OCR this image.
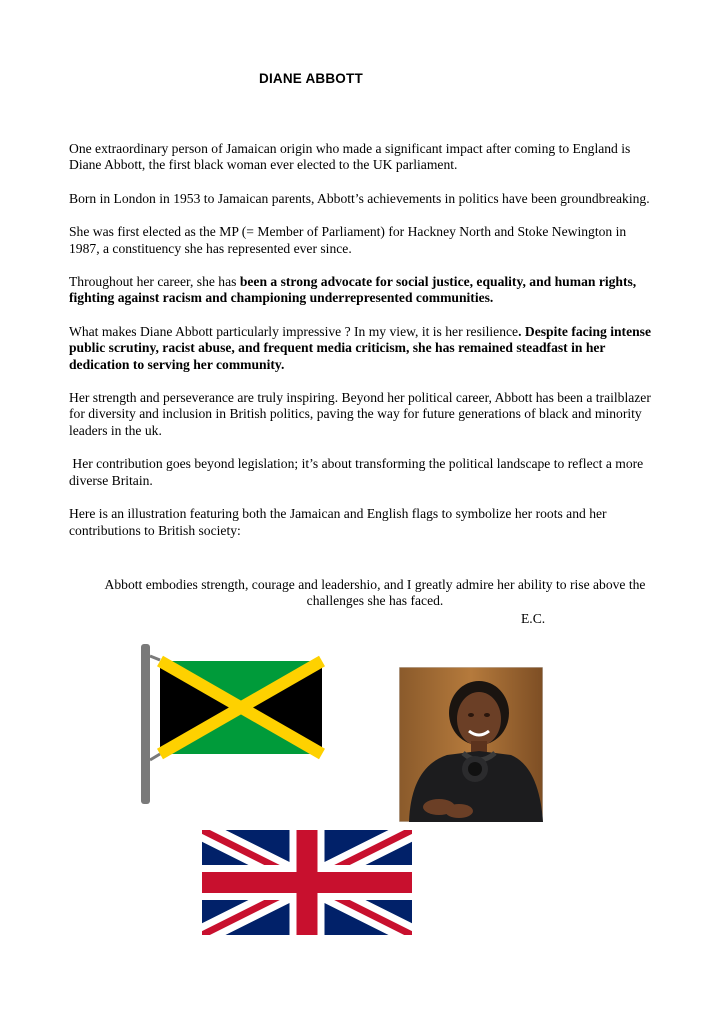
DIANE ABBOTT

One extraordinary person of Jamaican origin who made a significant impact after coming to England is Diane Abbott, the first black woman ever elected to the UK parliament.

Born in London in 1953 to Jamaican parents, Abbott’s achievements in politics have been groundbreaking.

She was first elected as the MP (= Member of Parliament) for Hackney North and Stoke Newington in 1987, a constituency she has represented ever since.

Throughout her career, she has been a strong advocate for social justice, equality, and human rights, fighting against racism and championing underrepresented communities.

What makes Diane Abbott particularly impressive ? In my view, it is her resilience. Despite facing intense public scrutiny, racist abuse, and frequent media criticism, she has remained steadfast in her dedication to serving her community.

Her strength and perseverance are truly inspiring. Beyond her political career, Abbott has been a trailblazer for diversity and inclusion in British politics, paving the way for future generations of black and minority leaders in the uk.

Her contribution goes beyond legislation; it’s about transforming the political landscape to reflect a more diverse Britain.

Here is an illustration featuring both the Jamaican and English flags to symbolize her roots and her contributions to British society:

Abbott embodies strength, courage and leadershio, and I greatly admire her ability to rise above the challenges she has faced.
E.C.
